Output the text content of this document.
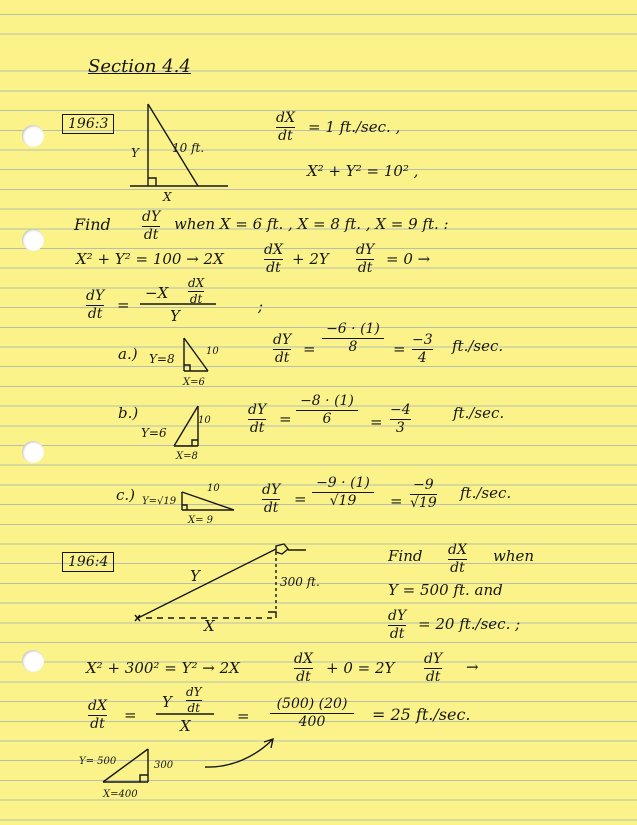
Section 4.4
196:3
10 ft.
Y
X
dX
dt = 1 ft./sec. ,
X² + Y² = 10² ,
Find dY
dt
when X = 6 ft. , X = 8 ft. , X = 9 ft. :
X² + Y² = 100 → 2X	dX
dt + 2Y dY
dt = 0 →
dY
dt =
−X
dX
dt
Y
;
a.) Y=8
10
X=6
dY
dt =
−6 · (1)
8 = −3
4
ft./sec.
b.)
Y=6
10
X=8
dY
dt =
−8 · (1)
6	=
−4
3
ft./sec.
c.) Y=√19
10
X= 9
dY
dt =
−9 · (1)
√19 =
−9
√19
ft./sec.
196:4
Y
X
300 ft.
Find dX
dt
when
Y = 500 ft. and
dY
dt
= 20 ft./sec. ;
X² + 300² = Y² → 2X	dX
dt + 0 = 2Y dY
dt
→
dX
dt =
Y
dY
dt
X
=
(500) (20)
400	= 25 ft./sec.
Y= 500	300
X=400
